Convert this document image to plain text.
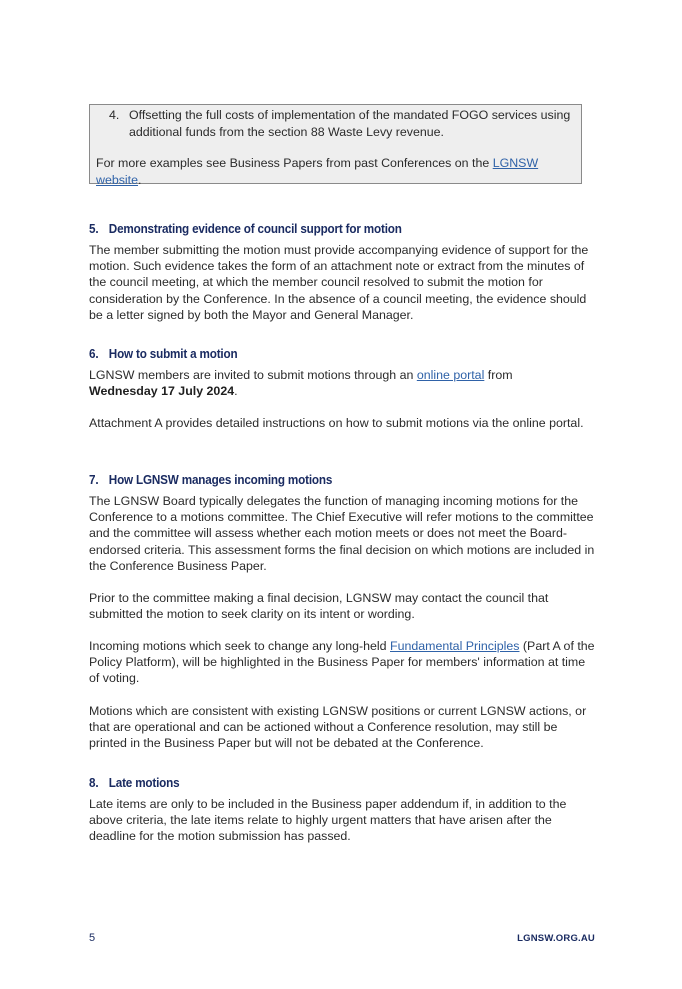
4. Offsetting the full costs of implementation of the mandated FOGO services using additional funds from the section 88 Waste Levy revenue.
For more examples see Business Papers from past Conferences on the LGNSW website.
5. Demonstrating evidence of council support for motion
The member submitting the motion must provide accompanying evidence of support for the motion. Such evidence takes the form of an attachment note or extract from the minutes of the council meeting, at which the member council resolved to submit the motion for consideration by the Conference. In the absence of a council meeting, the evidence should be a letter signed by both the Mayor and General Manager.
6. How to submit a motion
LGNSW members are invited to submit motions through an online portal from
Wednesday 17 July 2024.
Attachment A provides detailed instructions on how to submit motions via the online portal.
7. How LGNSW manages incoming motions
The LGNSW Board typically delegates the function of managing incoming motions for the Conference to a motions committee. The Chief Executive will refer motions to the committee and the committee will assess whether each motion meets or does not meet the Board-endorsed criteria. This assessment forms the final decision on which motions are included in the Conference Business Paper.
Prior to the committee making a final decision, LGNSW may contact the council that submitted the motion to seek clarity on its intent or wording.
Incoming motions which seek to change any long-held Fundamental Principles (Part A of the Policy Platform), will be highlighted in the Business Paper for members' information at time of voting.
Motions which are consistent with existing LGNSW positions or current LGNSW actions, or that are operational and can be actioned without a Conference resolution, may still be printed in the Business Paper but will not be debated at the Conference.
8. Late motions
Late items are only to be included in the Business paper addendum if, in addition to the above criteria, the late items relate to highly urgent matters that have arisen after the deadline for the motion submission has passed.
5	LGNSW.ORG.AU
